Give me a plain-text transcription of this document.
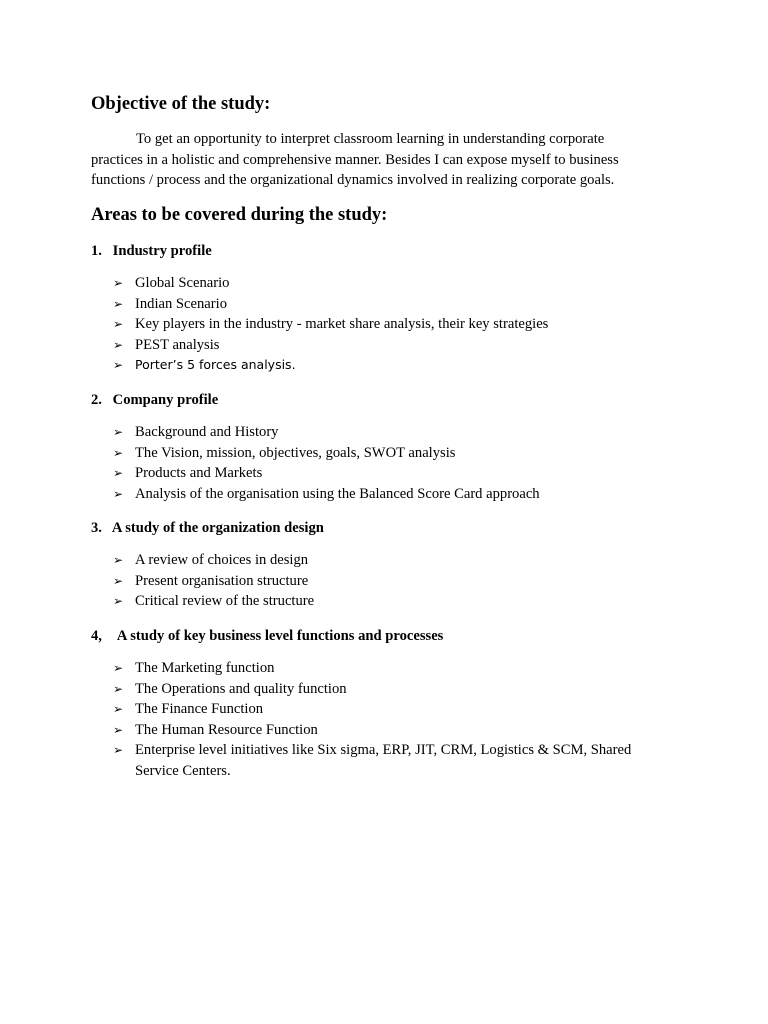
Objective of the study:
To get an opportunity to interpret classroom learning in understanding corporate
practices in a holistic and comprehensive manner. Besides I can expose myself to business
functions / process and the organizational dynamics involved in realizing corporate goals.
Areas to be covered during the study:
1. Industry profile
➢ Global Scenario
➢ Indian Scenario
➢ Key players in the industry - market share analysis, their key strategies
➢ PEST analysis
➢ Porter’s 5 forces analysis.
2. Company profile
➢ Background and History
➢ The Vision, mission, objectives, goals, SWOT analysis
➢ Products and Markets
➢ Analysis of the organisation using the Balanced Score Card approach
3. A study of the organization design
➢ A review of choices in design
➢ Present organisation structure
➢ Critical review of the structure
4, A study of key business level functions and processes
➢ The Marketing function
➢ The Operations and quality function
➢ The Finance Function
➢ The Human Resource Function
➢ Enterprise level initiatives like Six sigma, ERP, JIT, CRM, Logistics & SCM, Shared
Service Centers.
